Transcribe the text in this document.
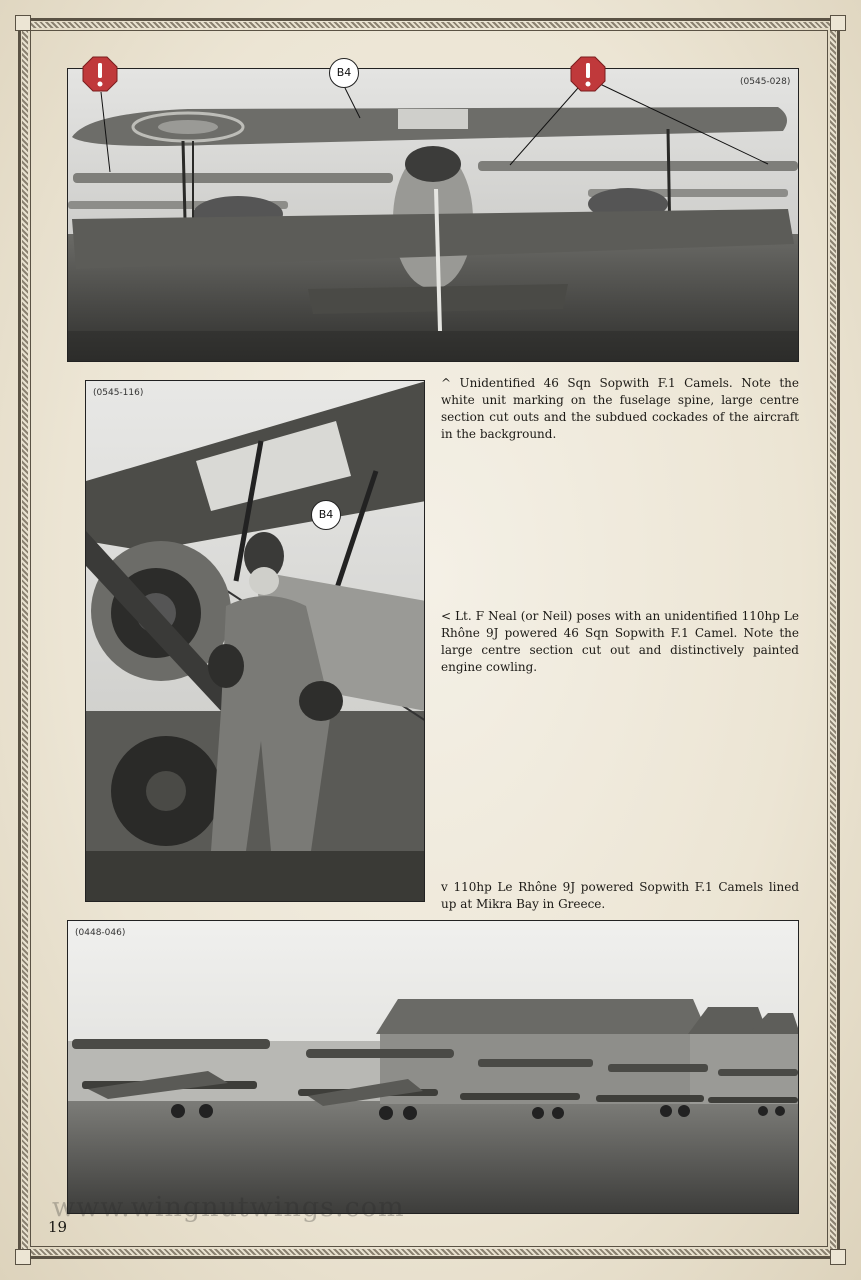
(0545-028)
B4
(0545-116)
B4
^ Unidentified 46 Sqn Sopwith F.1 Camels. Note the white unit marking on the fuselage spine, large centre section cut outs and the subdued cockades of the aircraft in the background.
< Lt. F Neal (or Neil) poses with an unidentified 110hp Le Rhône 9J powered 46 Sqn Sopwith F.1 Camel. Note the large centre section cut out and distinctively painted engine cowling.
v 110hp Le Rhône 9J powered Sopwith F.1 Camels lined up at Mikra Bay in Greece.
(0448-046)
www.wingnutwings.com
19
